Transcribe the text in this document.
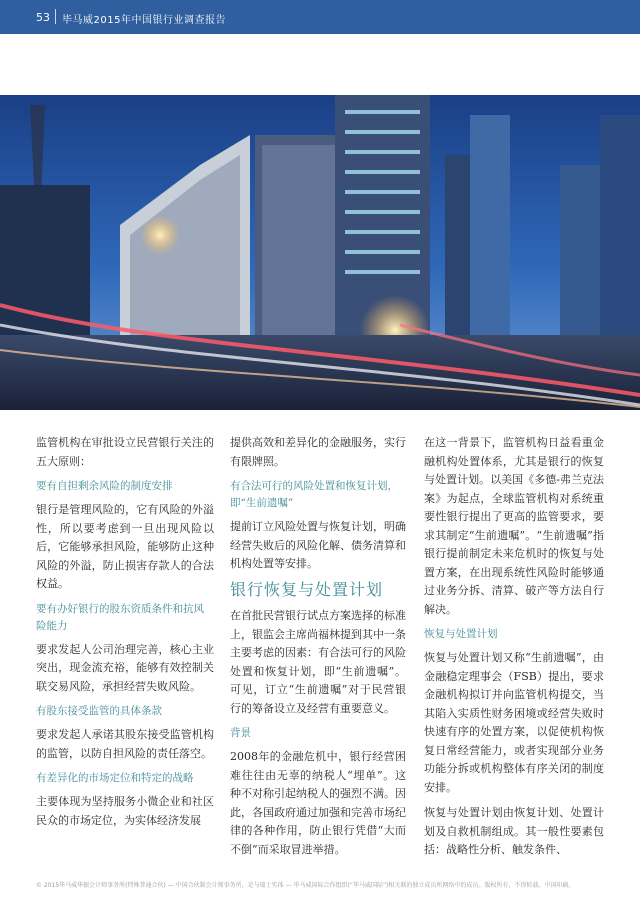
53 毕马威2015年中国银行业调查报告

监管机构在审批设立民营银行关注的五大原则：

要有自担剩余风险的制度安排

银行是管理风险的，它有风险的外溢性，所以要考虑到一旦出现风险以后，它能够承担风险，能够防止这种风险的外溢，防止损害存款人的合法权益。

要有办好银行的股东资质条件和抗风险能力

要求发起人公司治理完善，核心主业突出，现金流充裕，能够有效控制关联交易风险，承担经营失败风险。

有股东接受监管的具体条款

要求发起人承诺其股东接受监管机构的监管，以防自担风险的责任落空。

有差异化的市场定位和特定的战略

主要体现为坚持服务小微企业和社区民众的市场定位，为实体经济发展

提供高效和差异化的金融服务，实行有限牌照。

有合法可行的风险处置和恢复计划，即“生前遗嘱”

提前订立风险处置与恢复计划，明确经营失败后的风险化解、债务清算和机构处置等安排。

银行恢复与处置计划

在首批民营银行试点方案选择的标准上，银监会主席尚福林提到其中一条主要考虑的因素：有合法可行的风险处置和恢复计划，即“生前遗嘱”。可见，订立“生前遗嘱”对于民营银行的筹备设立及经营有重要意义。

背景

2008年的金融危机中，银行经营困难往往由无辜的纳税人“埋单”。这种不对称引起纳税人的强烈不满。因此，各国政府通过加强和完善市场纪律的各种作用，防止银行凭借“大而不倒”而采取冒进举措。

在这一背景下，监管机构日益看重金融机构处置体系，尤其是银行的恢复与处置计划。以美国《多德-弗兰克法案》为起点，全球监管机构对系统重要性银行提出了更高的监管要求，要求其制定“生前遗嘱”。“生前遗嘱”指银行提前制定未来危机时的恢复与处置方案，在出现系统性风险时能够通过业务分拆、清算、破产等方法自行解决。

恢复与处置计划

恢复与处置计划又称“生前遗嘱”，由金融稳定理事会（FSB）提出，要求金融机构拟订并向监管机构提交，当其陷入实质性财务困境或经营失败时快速有序的处置方案，以促使机构恢复日常经营能力，或者实现部分业务功能分拆或机构整体有序关闭的制度安排。

恢复与处置计划由恢复计划、处置计划及自救机制组成。其一般性要素包括：战略性分析、触发条件、

© 2015毕马威华振会计师事务所(特殊普通合伙) — 中国合伙制会计师事务所，是与瑞士实体 — 毕马威国际合作组织(“毕马威国际”)相关联的独立成员所网络中的成员。版权所有，不得转载。中国印刷。
